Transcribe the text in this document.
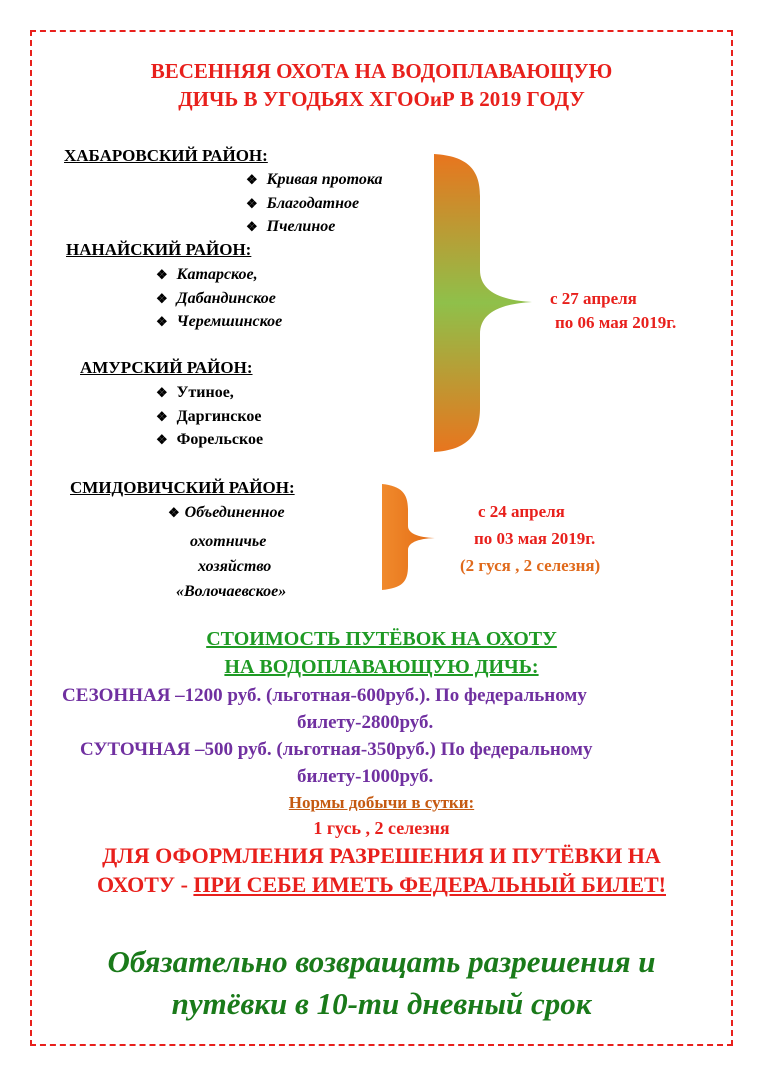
ВЕСЕННЯЯ ОХОТА НА ВОДОПЛАВАЮЩУЮ
ДИЧЬ В УГОДЬЯХ ХГООиР В 2019 ГОДУ
ХАБАРОВСКИЙ РАЙОН:
❖ Кривая протока
❖ Благодатное
❖ Пчелиное
НАНАЙСКИЙ РАЙОН:
❖ Катарское,
❖ Дабандинское
❖ Черемшинское
АМУРСКИЙ РАЙОН:
❖ Утиное,
❖ Даргинское
❖ Форельское
с 27 апреля
по 06 мая 2019г.
СМИДОВИЧСКИЙ РАЙОН:
❖ Объединенное
охотничье
хозяйство
«Волочаевское»
с 24 апреля
по 03 мая 2019г.
(2 гуся , 2 селезня)
СТОИМОСТЬ ПУТЁВОК НА ОХОТУ
НА ВОДОПЛАВАЮЩУЮ ДИЧЬ:
СЕЗОННАЯ –1200 руб. (льготная-600руб.). По федеральному
билету-2800руб.
СУТОЧНАЯ –500 руб. (льготная-350руб.) По федеральному
билету-1000руб.
Нормы добычи в сутки:
1 гусь , 2 селезня
ДЛЯ ОФОРМЛЕНИЯ РАЗРЕШЕНИЯ И ПУТЁВКИ НА
ОХОТУ - ПРИ СЕБЕ ИМЕТЬ ФЕДЕРАЛЬНЫЙ БИЛЕТ!
Обязательно возвращать разрешения и
путёвки в 10-ти дневный срок
